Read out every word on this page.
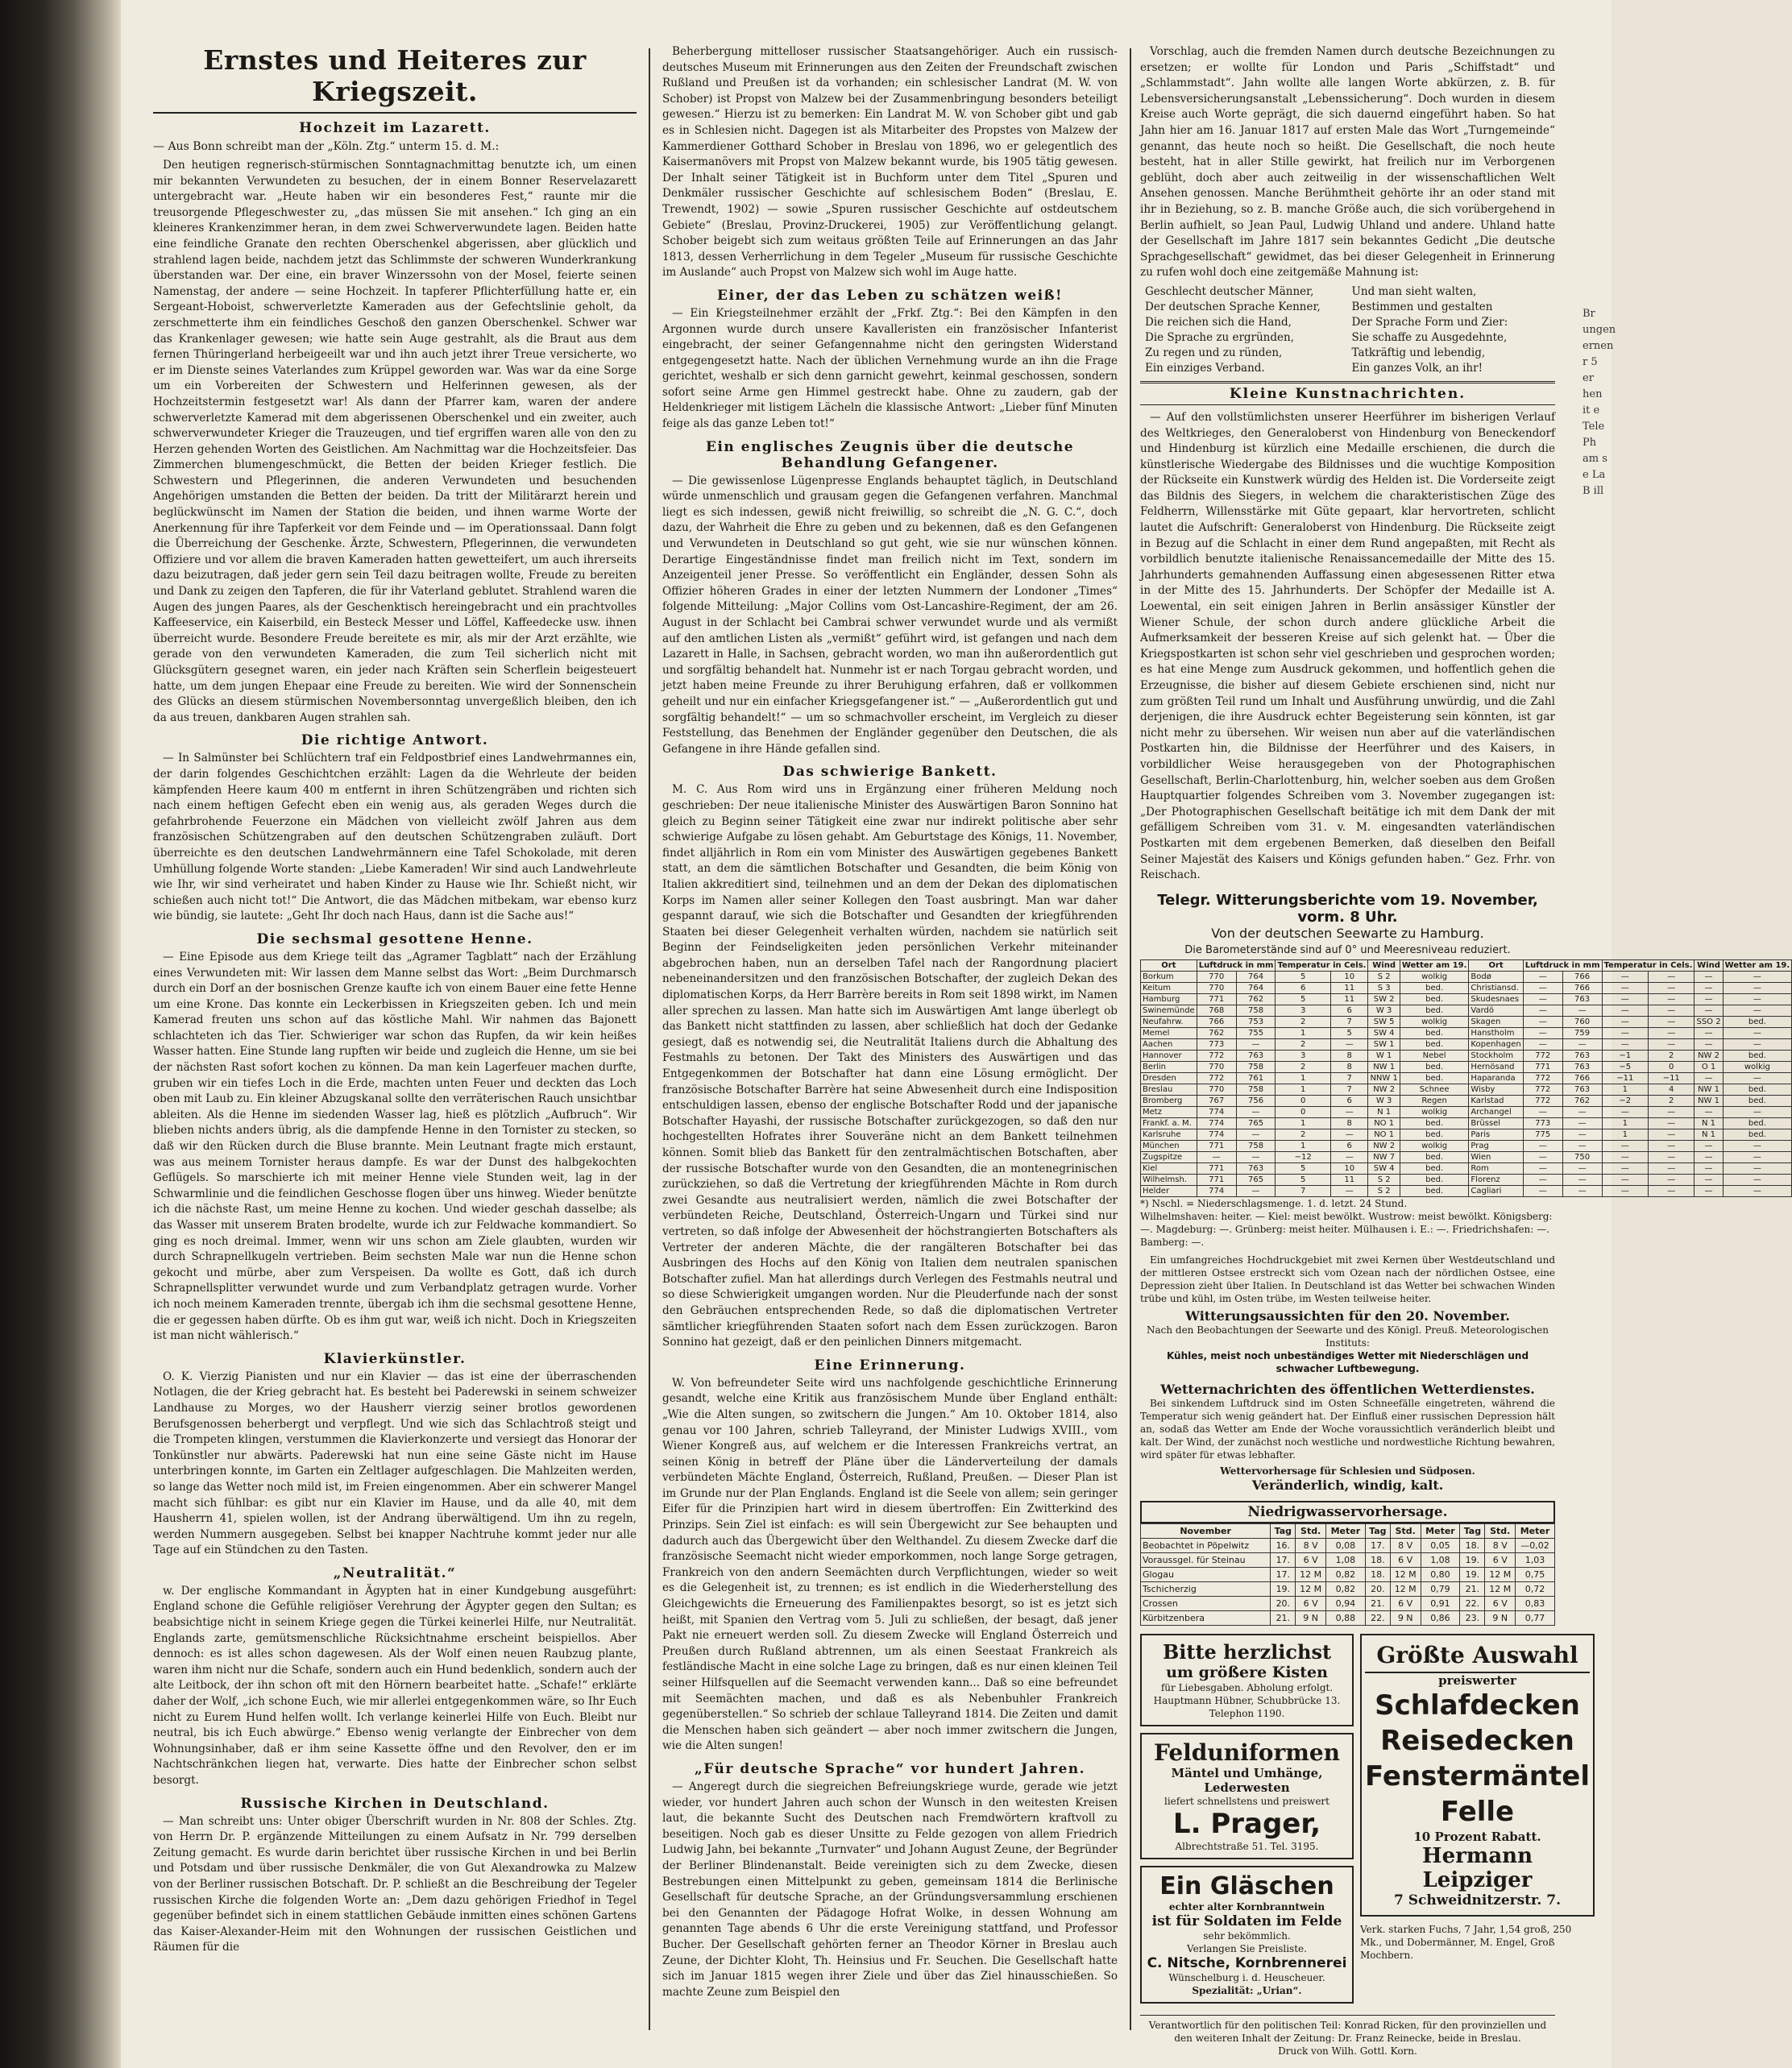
Ernstes und Heiteres zur Kriegszeit.
Hochzeit im Lazarett.
— Aus Bonn schreibt man der „Köln. Ztg.“ unterm 15. d. M.:
Den heutigen regnerisch-stürmischen Sonntagnachmittag benutzte ich, um einen mir bekannten Verwundeten zu besuchen, der in einem Bonner Reservelazarett untergebracht war. „Heute haben wir ein besonderes Fest,“ raunte mir die treusorgende Pflegeschwester zu, „das müssen Sie mit ansehen.“ Ich ging an ein kleineres Krankenzimmer heran, in dem zwei Schwerverwundete lagen. Beiden hatte eine feindliche Granate den rechten Oberschenkel abgerissen, aber glücklich und strahlend lagen beide, nachdem jetzt das Schlimmste der schweren Wunderkrankung überstanden war. Der eine, ein braver Winzerssohn von der Mosel, feierte seinen Namenstag, der andere — seine Hochzeit. In tapferer Pflichterfüllung hatte er, ein Sergeant-Hoboist, schwerverletzte Kameraden aus der Gefechtslinie geholt, da zerschmetterte ihm ein feindliches Geschoß den ganzen Oberschenkel. Schwer war das Krankenlager gewesen; wie hatte sein Auge gestrahlt, als die Braut aus dem fernen Thüringerland herbeigeeilt war und ihn auch jetzt ihrer Treue versicherte, wo er im Dienste seines Vaterlandes zum Krüppel geworden war. Was war da eine Sorge um ein Vorbereiten der Schwestern und Helferinnen gewesen, als der Hochzeitstermin festgesetzt war! Als dann der Pfarrer kam, waren der andere schwerverletzte Kamerad mit dem abgerissenen Oberschenkel und ein zweiter, auch schwerverwundeter Krieger die Trauzeugen, und tief ergriffen waren alle von den zu Herzen gehenden Worten des Geistlichen. Am Nachmittag war die Hochzeitsfeier. Das Zimmerchen blumengeschmückt, die Betten der beiden Krieger festlich. Die Schwestern und Pflegerinnen, die anderen Verwundeten und besuchenden Angehörigen umstanden die Betten der beiden. Da tritt der Militärarzt herein und beglückwünscht im Namen der Station die beiden, und ihnen warme Worte der Anerkennung für ihre Tapferkeit vor dem Feinde und — im Operationssaal. Dann folgt die Überreichung der Geschenke. Ärzte, Schwestern, Pflegerinnen, die verwundeten Offiziere und vor allem die braven Kameraden hatten gewetteifert, um auch ihrerseits dazu beizutragen, daß jeder gern sein Teil dazu beitragen wollte, Freude zu bereiten und Dank zu zeigen den Tapferen, die für ihr Vaterland geblutet. Strahlend waren die Augen des jungen Paares, als der Geschenktisch hereingebracht und ein prachtvolles Kaffeeservice, ein Kaiserbild, ein Besteck Messer und Löffel, Kaffeedecke usw. ihnen überreicht wurde. Besondere Freude bereitete es mir, als mir der Arzt erzählte, wie gerade von den verwundeten Kameraden, die zum Teil sicherlich nicht mit Glücksgütern gesegnet waren, ein jeder nach Kräften sein Scherflein beigesteuert hatte, um dem jungen Ehepaar eine Freude zu bereiten. Wie wird der Sonnenschein des Glücks an diesem stürmischen Novembersonntag unvergeßlich bleiben, den ich da aus treuen, dankbaren Augen strahlen sah.
Die richtige Antwort.
— In Salmünster bei Schlüchtern traf ein Feldpostbrief eines Landwehrmannes ein, der darin folgendes Geschichtchen erzählt: Lagen da die Wehrleute der beiden kämpfenden Heere kaum 400 m entfernt in ihren Schützengräben und richten sich nach einem heftigen Gefecht eben ein wenig aus, als geraden Weges durch die gefahrbrohende Feuerzone ein Mädchen von vielleicht zwölf Jahren aus dem französischen Schützengraben auf den deutschen Schützengraben zuläuft. Dort überreichte es den deutschen Landwehrmännern eine Tafel Schokolade, mit deren Umhüllung folgende Worte standen: „Liebe Kameraden! Wir sind auch Landwehrleute wie Ihr, wir sind verheiratet und haben Kinder zu Hause wie Ihr. Schießt nicht, wir schießen auch nicht tot!“ Die Antwort, die das Mädchen mitbekam, war ebenso kurz wie bündig, sie lautete: „Geht Ihr doch nach Haus, dann ist die Sache aus!“
Die sechsmal gesottene Henne.
— Eine Episode aus dem Kriege teilt das „Agramer Tagblatt“ nach der Erzählung eines Verwundeten mit: Wir lassen dem Manne selbst das Wort: „Beim Durchmarsch durch ein Dorf an der bosnischen Grenze kaufte ich von einem Bauer eine fette Henne um eine Krone. Das konnte ein Leckerbissen in Kriegszeiten geben. Ich und mein Kamerad freuten uns schon auf das köstliche Mahl. Wir nahmen das Bajonett schlachteten ich das Tier. Schwieriger war schon das Rupfen, da wir kein heißes Wasser hatten. Eine Stunde lang rupften wir beide und zugleich die Henne, um sie bei der nächsten Rast sofort kochen zu können. Da man kein Lagerfeuer machen durfte, gruben wir ein tiefes Loch in die Erde, machten unten Feuer und deckten das Loch oben mit Laub zu. Ein kleiner Abzugskanal sollte den verräterischen Rauch unsichtbar ableiten. Als die Henne im siedenden Wasser lag, hieß es plötzlich „Aufbruch“. Wir blieben nichts anders übrig, als die dampfende Henne in den Tornister zu stecken, so daß wir den Rücken durch die Bluse brannte. Mein Leutnant fragte mich erstaunt, was aus meinem Tornister heraus dampfe. Es war der Dunst des halbgekochten Geflügels. So marschierte ich mit meiner Henne viele Stunden weit, lag in der Schwarmlinie und die feindlichen Geschosse flogen über uns hinweg. Wieder benützte ich die nächste Rast, um meine Henne zu kochen. Und wieder geschah dasselbe; als das Wasser mit unserem Braten brodelte, wurde ich zur Feldwache kommandiert. So ging es noch dreimal. Immer, wenn wir uns schon am Ziele glaubten, wurden wir durch Schrapnellkugeln vertrieben. Beim sechsten Male war nun die Henne schon gekocht und mürbe, aber zum Verspeisen. Da wollte es Gott, daß ich durch Schrapnellsplitter verwundet wurde und zum Verbandplatz getragen wurde. Vorher ich noch meinem Kameraden trennte, übergab ich ihm die sechsmal gesottene Henne, die er gegessen haben dürfte. Ob es ihm gut war, weiß ich nicht. Doch in Kriegszeiten ist man nicht wählerisch.“
Klavierkünstler.
O. K. Vierzig Pianisten und nur ein Klavier — das ist eine der überraschenden Notlagen, die der Krieg gebracht hat. Es besteht bei Paderewski in seinem schweizer Landhause zu Morges, wo der Hausherr vierzig seiner brotlos gewordenen Berufsgenossen beherbergt und verpflegt. Und wie sich das Schlachtroß steigt und die Trompeten klingen, verstummen die Klavierkonzerte und versiegt das Honorar der Tonkünstler nur abwärts. Paderewski hat nun eine seine Gäste nicht im Hause unterbringen konnte, im Garten ein Zeltlager aufgeschlagen. Die Mahlzeiten werden, so lange das Wetter noch mild ist, im Freien eingenommen. Aber ein schwerer Mangel macht sich fühlbar: es gibt nur ein Klavier im Hause, und da alle 40, mit dem Hausherrn 41, spielen wollen, ist der Andrang überwältigend. Um ihn zu regeln, werden Nummern ausgegeben. Selbst bei knapper Nachtruhe kommt jeder nur alle Tage auf ein Stündchen zu den Tasten.
„Neutralität.“
w. Der englische Kommandant in Ägypten hat in einer Kundgebung ausgeführt: England schone die Gefühle religiöser Verehrung der Ägypter gegen den Sultan; es beabsichtige nicht in seinem Kriege gegen die Türkei keinerlei Hilfe, nur Neutralität. Englands zarte, gemütsmenschliche Rücksichtnahme erscheint beispiellos. Aber dennoch: es ist alles schon dagewesen. Als der Wolf einen neuen Raubzug plante, waren ihm nicht nur die Schafe, sondern auch ein Hund bedenklich, sondern auch der alte Leitbock, der ihn schon oft mit den Hörnern bearbeitet hatte. „Schafe!“ erklärte daher der Wolf, „ich schone Euch, wie mir allerlei entgegenkommen wäre, so Ihr Euch nicht zu Eurem Hund helfen wollt. Ich verlange keinerlei Hilfe von Euch. Bleibt nur neutral, bis ich Euch abwürge.“ Ebenso wenig verlangte der Einbrecher von dem Wohnungsinhaber, daß er ihm seine Kassette öffne und den Revolver, den er im Nachtschränkchen liegen hat, verwarte. Dies hatte der Einbrecher schon selbst besorgt.
Russische Kirchen in Deutschland.
— Man schreibt uns: Unter obiger Überschrift wurden in Nr. 808 der Schles. Ztg. von Herrn Dr. P. ergänzende Mitteilungen zu einem Aufsatz in Nr. 799 derselben Zeitung gemacht. Es wurde darin berichtet über russische Kirchen in und bei Berlin und Potsdam und über russische Denkmäler, die von Gut Alexandrowka zu Malzew von der Berliner russischen Botschaft. Dr. P. schließt an die Beschreibung der Tegeler russischen Kirche die folgenden Worte an: „Dem dazu gehörigen Friedhof in Tegel gegenüber befindet sich in einem stattlichen Gebäude inmitten eines schönen Gartens das Kaiser-Alexander-Heim mit den Wohnungen der russischen Geistlichen und Räumen für die
Beherbergung mittelloser russischer Staatsangehöriger. Auch ein russisch-deutsches Museum mit Erinnerungen aus den Zeiten der Freundschaft zwischen Rußland und Preußen ist da vorhanden; ein schlesischer Landrat (M. W. von Schober) ist Propst von Malzew bei der Zusammenbringung besonders beteiligt gewesen.“ Hierzu ist zu bemerken: Ein Landrat M. W. von Schober gibt und gab es in Schlesien nicht. Dagegen ist als Mitarbeiter des Propstes von Malzew der Kammerdiener Gotthard Schober in Breslau von 1896, wo er gelegentlich des Kaisermanövers mit Propst von Malzew bekannt wurde, bis 1905 tätig gewesen. Der Inhalt seiner Tätigkeit ist in Buchform unter dem Titel „Spuren und Denkmäler russischer Geschichte auf schlesischem Boden“ (Breslau, E. Trewendt, 1902) — sowie „Spuren russischer Geschichte auf ostdeutschem Gebiete“ (Breslau, Provinz-Druckerei, 1905) zur Veröffentlichung gelangt. Schober beigebt sich zum weitaus größten Teile auf Erinnerungen an das Jahr 1813, dessen Verherrlichung in dem Tegeler „Museum für russische Geschichte im Auslande“ auch Propst von Malzew sich wohl im Auge hatte.
Einer, der das Leben zu schätzen weiß!
— Ein Kriegsteilnehmer erzählt der „Frkf. Ztg.“: Bei den Kämpfen in den Argonnen wurde durch unsere Kavalleristen ein französischer Infanterist eingebracht, der seiner Gefangennahme nicht den geringsten Widerstand entgegengesetzt hatte. Nach der üblichen Vernehmung wurde an ihn die Frage gerichtet, weshalb er sich denn garnicht gewehrt, keinmal geschossen, sondern sofort seine Arme gen Himmel gestreckt habe. Ohne zu zaudern, gab der Heldenkrieger mit listigem Lächeln die klassische Antwort: „Lieber fünf Minuten feige als das ganze Leben tot!“
Ein englisches Zeugnis über die deutsche Behandlung Gefangener.
— Die gewissenlose Lügenpresse Englands behauptet täglich, in Deutschland würde unmenschlich und grausam gegen die Gefangenen verfahren. Manchmal liegt es sich indessen, gewiß nicht freiwillig, so schreibt die „N. G. C.“, doch dazu, der Wahrheit die Ehre zu geben und zu bekennen, daß es den Gefangenen und Verwundeten in Deutschland so gut geht, wie sie nur wünschen können. Derartige Eingeständnisse findet man freilich nicht im Text, sondern im Anzeigenteil jener Presse. So veröffentlicht ein Engländer, dessen Sohn als Offizier höheren Grades in einer der letzten Nummern der Londoner „Times“ folgende Mitteilung: „Major Collins vom Ost-Lancashire-Regiment, der am 26. August in der Schlacht bei Cambrai schwer verwundet wurde und als vermißt auf den amtlichen Listen als „vermißt“ geführt wird, ist gefangen und nach dem Lazarett in Halle, in Sachsen, gebracht worden, wo man ihn außerordentlich gut und sorgfältig behandelt hat. Nunmehr ist er nach Torgau gebracht worden, und jetzt haben meine Freunde zu ihrer Beruhigung erfahren, daß er vollkommen geheilt und nur ein einfacher Kriegsgefangener ist.“ — „Außerordentlich gut und sorgfältig behandelt!“ — um so schmachvoller erscheint, im Vergleich zu dieser Feststellung, das Benehmen der Engländer gegenüber den Deutschen, die als Gefangene in ihre Hände gefallen sind.
Das schwierige Bankett.
M. C. Aus Rom wird uns in Ergänzung einer früheren Meldung noch geschrieben: Der neue italienische Minister des Auswärtigen Baron Sonnino hat gleich zu Beginn seiner Tätigkeit eine zwar nur indirekt politische aber sehr schwierige Aufgabe zu lösen gehabt. Am Geburtstage des Königs, 11. November, findet alljährlich in Rom ein vom Minister des Auswärtigen gegebenes Bankett statt, an dem die sämtlichen Botschafter und Gesandten, die beim König von Italien akkreditiert sind, teilnehmen und an dem der Dekan des diplomatischen Korps im Namen aller seiner Kollegen den Toast ausbringt. Man war daher gespannt darauf, wie sich die Botschafter und Gesandten der kriegführenden Staaten bei dieser Gelegenheit verhalten würden, nachdem sie natürlich seit Beginn der Feindseligkeiten jeden persönlichen Verkehr miteinander abgebrochen haben, nun an derselben Tafel nach der Rangordnung placiert nebeneinandersitzen und den französischen Botschafter, der zugleich Dekan des diplomatischen Korps, da Herr Barrère bereits in Rom seit 1898 wirkt, im Namen aller sprechen zu lassen. Man hatte sich im Auswärtigen Amt lange überlegt ob das Bankett nicht stattfinden zu lassen, aber schließlich hat doch der Gedanke gesiegt, daß es notwendig sei, die Neutralität Italiens durch die Abhaltung des Festmahls zu betonen. Der Takt des Ministers des Auswärtigen und das Entgegenkommen der Botschafter hat dann eine Lösung ermöglicht. Der französische Botschafter Barrère hat seine Abwesenheit durch eine Indisposition entschuldigen lassen, ebenso der englische Botschafter Rodd und der japanische Botschafter Hayashi, der russische Botschafter zurückgezogen, so daß den nur hochgestellten Hofrates ihrer Souveräne nicht an dem Bankett teilnehmen können. Somit blieb das Bankett für den zentralmächtischen Botschaften, aber der russische Botschafter wurde von den Gesandten, die an montenegrinischen zurückziehen, so daß die Vertretung der kriegführenden Mächte in Rom durch zwei Gesandte aus neutralisiert werden, nämlich die zwei Botschafter der verbündeten Reiche, Deutschland, Österreich-Ungarn und Türkei sind nur vertreten, so daß infolge der Abwesenheit der höchstrangierten Botschafters als Vertreter der anderen Mächte, die der rangälteren Botschafter bei das Ausbringen des Hochs auf den König von Italien dem neutralen spanischen Botschafter zufiel. Man hat allerdings durch Verlegen des Festmahls neutral und so diese Schwierigkeit umgangen worden. Nur die Pleuderfunde nach der sonst den Gebräuchen entsprechenden Rede, so daß die diplomatischen Vertreter sämtlicher kriegführenden Staaten sofort nach dem Essen zurückzogen. Baron Sonnino hat gezeigt, daß er den peinlichen Dinners mitgemacht.
Eine Erinnerung.
W. Von befreundeter Seite wird uns nachfolgende geschichtliche Erinnerung gesandt, welche eine Kritik aus französischem Munde über England enthält: „Wie die Alten sungen, so zwitschern die Jungen.“ Am 10. Oktober 1814, also genau vor 100 Jahren, schrieb Talleyrand, der Minister Ludwigs XVIII., vom Wiener Kongreß aus, auf welchem er die Interessen Frankreichs vertrat, an seinen König in betreff der Pläne über die Länderverteilung der damals verbündeten Mächte England, Österreich, Rußland, Preußen. — Dieser Plan ist im Grunde nur der Plan Englands. England ist die Seele von allem; sein geringer Eifer für die Prinzipien hart wird in diesem übertroffen: Ein Zwitterkind des Prinzips. Sein Ziel ist einfach: es will sein Übergewicht zur See behaupten und dadurch auch das Übergewicht über den Welthandel. Zu diesem Zwecke darf die französische Seemacht nicht wieder emporkommen, noch lange Sorge getragen, Frankreich von den andern Seemächten durch Verpflichtungen, wieder so weit es die Gelegenheit ist, zu trennen; es ist endlich in die Wiederherstellung des Gleichgewichts die Erneuerung des Familienpaktes besorgt, so ist es jetzt sich heißt, mit Spanien den Vertrag vom 5. Juli zu schließen, der besagt, daß jener Pakt nie erneuert werden soll. Zu diesem Zwecke will England Österreich und Preußen durch Rußland abtrennen, um als einen Seestaat Frankreich als festländische Macht in eine solche Lage zu bringen, daß es nur einen kleinen Teil seiner Hilfsquellen auf die Seemacht verwenden kann... Daß so eine befreundet mit Seemächten machen, und daß es als Nebenbuhler Frankreich gegenüberstellen.“ So schrieb der schlaue Talleyrand 1814. Die Zeiten und damit die Menschen haben sich geändert — aber noch immer zwitschern die Jungen, wie die Alten sungen!
„Für deutsche Sprache“ vor hundert Jahren.
— Angeregt durch die siegreichen Befreiungskriege wurde, gerade wie jetzt wieder, vor hundert Jahren auch schon der Wunsch in den weitesten Kreisen laut, die bekannte Sucht des Deutschen nach Fremdwörtern kraftvoll zu beseitigen. Noch gab es dieser Unsitte zu Felde gezogen von allem Friedrich Ludwig Jahn, bei bekannte „Turnvater“ und Johann August Zeune, der Begründer der Berliner Blindenanstalt. Beide vereinigten sich zu dem Zwecke, diesen Bestrebungen einen Mittelpunkt zu geben, gemeinsam 1814 die Berlinische Gesellschaft für deutsche Sprache, an der Gründungsversammlung erschienen bei den Genannten der Pädagoge Hofrat Wolke, in dessen Wohnung am genannten Tage abends 6 Uhr die erste Vereinigung stattfand, und Professor Bucher. Der Gesellschaft gehörten ferner an Theodor Körner in Breslau auch Zeune, der Dichter Kloht, Th. Heinsius und Fr. Seuchen. Die Gesellschaft hatte sich im Januar 1815 wegen ihrer Ziele und über das Ziel hinausschießen. So machte Zeune zum Beispiel den
Vorschlag, auch die fremden Namen durch deutsche Bezeichnungen zu ersetzen; er wollte für London und Paris „Schiffstadt“ und „Schlammstadt“. Jahn wollte alle langen Worte abkürzen, z. B. für Lebensversicherungsanstalt „Lebenssicherung“. Doch wurden in diesem Kreise auch Worte geprägt, die sich dauernd eingeführt haben. So hat Jahn hier am 16. Januar 1817 auf ersten Male das Wort „Turngemeinde“ genannt, das heute noch so heißt. Die Gesellschaft, die noch heute besteht, hat in aller Stille gewirkt, hat freilich nur im Verborgenen geblüht, doch aber auch zeitweilig in der wissenschaftlichen Welt Ansehen genossen. Manche Berühmtheit gehörte ihr an oder stand mit ihr in Beziehung, so z. B. manche Größe auch, die sich vorübergehend in Berlin aufhielt, so Jean Paul, Ludwig Uhland und andere. Uhland hatte der Gesellschaft im Jahre 1817 sein bekanntes Gedicht „Die deutsche Sprachgesellschaft“ gewidmet, das bei dieser Gelegenheit in Erinnerung zu rufen wohl doch eine zeitgemäße Mahnung ist:
Geschlecht deutscher Männer,
Der deutschen Sprache Kenner,
Die reichen sich die Hand,
Die Sprache zu ergründen,
Zu regen und zu ründen,
Ein einziges Verband.
Und man sieht walten,
Bestimmen und gestalten
Der Sprache Form und Zier:
Sie schaffe zu Ausgedehnte,
Tatkräftig und lebendig,
Ein ganzes Volk, an ihr!
Kleine Kunstnachrichten.
— Auf den vollstümlichsten unserer Heerführer im bisherigen Verlauf des Weltkrieges, den Generaloberst von Hindenburg von Beneckendorf und Hindenburg ist kürzlich eine Medaille erschienen, die durch die künstlerische Wiedergabe des Bildnisses und die wuchtige Komposition der Rückseite ein Kunstwerk würdig des Helden ist. Die Vorderseite zeigt das Bildnis des Siegers, in welchem die charakteristischen Züge des Feldherrn, Willensstärke mit Güte gepaart, klar hervortreten, schlicht lautet die Aufschrift: Generaloberst von Hindenburg. Die Rückseite zeigt in Bezug auf die Schlacht in einer dem Rund angepaßten, mit Recht als vorbildlich benutzte italienische Renaissancemedaille der Mitte des 15. Jahrhunderts gemahnenden Auffassung einen abgesessenen Ritter etwa in der Mitte des 15. Jahrhunderts. Der Schöpfer der Medaille ist A. Loewental, ein seit einigen Jahren in Berlin ansässiger Künstler der Wiener Schule, der schon durch andere glückliche Arbeit die Aufmerksamkeit der besseren Kreise auf sich gelenkt hat. — Über die Kriegspostkarten ist schon sehr viel geschrieben und gesprochen worden; es hat eine Menge zum Ausdruck gekommen, und hoffentlich gehen die Erzeugnisse, die bisher auf diesem Gebiete erschienen sind, nicht nur zum größten Teil rund um Inhalt und Ausführung unwürdig, und die Zahl derjenigen, die ihre Ausdruck echter Begeisterung sein könnten, ist gar nicht mehr zu übersehen. Wir weisen nun aber auf die vaterländischen Postkarten hin, die Bildnisse der Heerführer und des Kaisers, in vorbildlicher Weise herausgegeben von der Photographischen Gesellschaft, Berlin-Charlottenburg, hin, welcher soeben aus dem Großen Hauptquartier folgendes Schreiben vom 3. November zugegangen ist: „Der Photographischen Gesellschaft beitätige ich mit dem Dank der mit gefälligem Schreiben vom 31. v. M. eingesandten vaterländischen Postkarten mit dem ergebenen Bemerken, daß dieselben den Beifall Seiner Majestät des Kaisers und Königs gefunden haben.“ Gez. Frhr. von Reischach.
Telegr. Witterungsberichte vom 19. November, vorm. 8 Uhr.
Von der deutschen Seewarte zu Hamburg.
Die Barometerstände sind auf 0° und Meeresniveau reduziert.
Ort	Luftdruck in mm		Temperatur in Cels.		Wind	Wetter am 19.	Ort	Luftdruck in mm		Temperatur in Cels.		Wind	Wetter am 19.
Borkum	770	764	5	10	S 2	wolkig	Bodø	—	766	—	—	—	—
Keitum	770	764	6	11	S 3	bed.	Christiansd.	—	766	—	—	—	—
Hamburg	771	762	5	11	SW 2	bed.	Skudesnaes	—	763	—	—	—	—
Swinemünde	768	758	3	6	W 3	bed.	Vardö	—	—	—	—	—	—
Neufahrw.	766	753	2	7	SW 5	wolkig	Skagen	—	760	—	—	SSO 2	bed.
Memel	762	755	1	5	SW 4	bed.	Hanstholm	—	759	—	—	—	—
Aachen	773	—	2	—	SW 1	bed.	Kopenhagen	—	—	—	—	—	—
Hannover	772	763	3	8	W 1	Nebel	Stockholm	772	763	−1	2	NW 2	bed.
Berlin	770	758	2	8	NW 1	bed.	Hernösand	771	763	−5	0	O 1	wolkig
Dresden	772	761	1	7	NNW 1	bed.	Haparanda	772	766	−11	−11	—	—
Breslau	770	758	1	7	NW 2	Schnee	Wisby	772	763	1	4	NW 1	bed.
Bromberg	767	756	0	6	W 3	Regen	Karlstad	772	762	−2	2	NW 1	bed.
Metz	774	—	0	—	N 1	wolkig	Archangel	—	—	—	—	—	—
Frankf. a. M.	774	765	1	8	NO 1	bed.	Brüssel	773	—	1	—	N 1	bed.
Karlsruhe	774	—	2	—	NO 1	bed.	Paris	775	—	1	—	N 1	bed.
München	771	758	1	6	NW 2	wolkig	Prag	—	—	—	—	—	—
Zugspitze	—	—	−12	—	NW 7	bed.	Wien	—	750	—	—	—	—
Kiel	771	763	5	10	SW 4	bed.	Rom	—	—	—	—	—	—
Wilhelmsh.	771	765	5	11	S 2	bed.	Florenz	—	—	—	—	—	—
Helder	774	—	7	—	S 2	bed.	Cagliari	—	—	—	—	—	—
*) Nschl. = Niederschlagsmenge. 1. d. letzt. 24 Stund.
Wilhelmshaven: heiter. — Kiel: meist bewölkt. Wustrow: meist bewölkt. Königsberg: —. Magdeburg: —. Grünberg: meist heiter. Mülhausen i. E.: —. Friedrichshafen: —. Bamberg: —.
Ein umfangreiches Hochdruckgebiet mit zwei Kernen über Westdeutschland und der mittleren Ostsee erstreckt sich vom Ozean nach der nördlichen Ostsee, eine Depression zieht über Italien. In Deutschland ist das Wetter bei schwachen Winden trübe und kühl, im Osten trübe, im Westen teilweise heiter.
Witterungsaussichten für den 20. November.
Nach den Beobachtungen der Seewarte und des Königl. Preuß. Meteorologischen Instituts:
Kühles, meist noch unbeständiges Wetter mit Niederschlägen und schwacher Luftbewegung.
Wetternachrichten des öffentlichen Wetterdienstes.
Bei sinkendem Luftdruck sind im Osten Schneefälle eingetreten, während die Temperatur sich wenig geändert hat. Der Einfluß einer russischen Depression hält an, sodaß das Wetter am Ende der Woche voraussichtlich veränderlich bleibt und kalt. Der Wind, der zunächst noch westliche und nordwestliche Richtung bewahren, wird später für etwas lebhafter.
Wettervorhersage für Schlesien und Südposen.
Veränderlich, windig, kalt.
Niedrigwasservorhersage.
November	Tag	Std.	Meter	Tag	Std.	Meter	Tag	Std.	Meter
Beobachtet in Pöpelwitz	16.	8 V	0,08	17.	8 V	0,05	18.	8 V	—0,02
Voraussgel. für Steinau	17.	6 V	1,08	18.	6 V	1,08	19.	6 V	1,03
Glogau	17.	12 M	0,82	18.	12 M	0,80	19.	12 M	0,75
Tschicherzig	19.	12 M	0,82	20.	12 M	0,79	21.	12 M	0,72
Crossen	20.	6 V	0,94	21.	6 V	0,91	22.	6 V	0,83
Kürbitzenbera	21.	9 N	0,88	22.	9 N	0,86	23.	9 N	0,77
Bitte herzlichst
um größere Kisten
für Liebesgaben. Abholung erfolgt. Hauptmann Hübner, Schubbrücke 13. Telephon 1190.
Felduniformen
Mäntel und Umhänge,
Lederwesten
liefert schnellstens und preiswert
L. Prager,
Albrechtstraße 51. Tel. 3195.
Ein Gläschen
echter alter Kornbranntwein
ist für Soldaten im Felde
sehr bekömmlich.
Verlangen Sie Preisliste.
C. Nitsche, Kornbrennerei
Wünschelburg i. d. Heuscheuer.
Spezialität: „Urian“.
Größte Auswahl
preiswerter
Schlafdecken
Reisedecken
Fenstermäntel
Felle
10 Prozent Rabatt.
Hermann Leipziger
7 Schweidnitzerstr. 7.
Verk. starken Fuchs, 7 Jahr, 1,54 groß, 250 Mk., und Dobermänner, M. Engel, Groß Mochbern.
Verantwortlich für den politischen Teil: Konrad Ricken, für den provinziellen und den weiteren Inhalt der Zeitung: Dr. Franz Reinecke, beide in Breslau.
Druck von Wilh. Gottl. Korn.
Br ungen ernen r 5 er hen it e Tele Ph am s e La B ill
